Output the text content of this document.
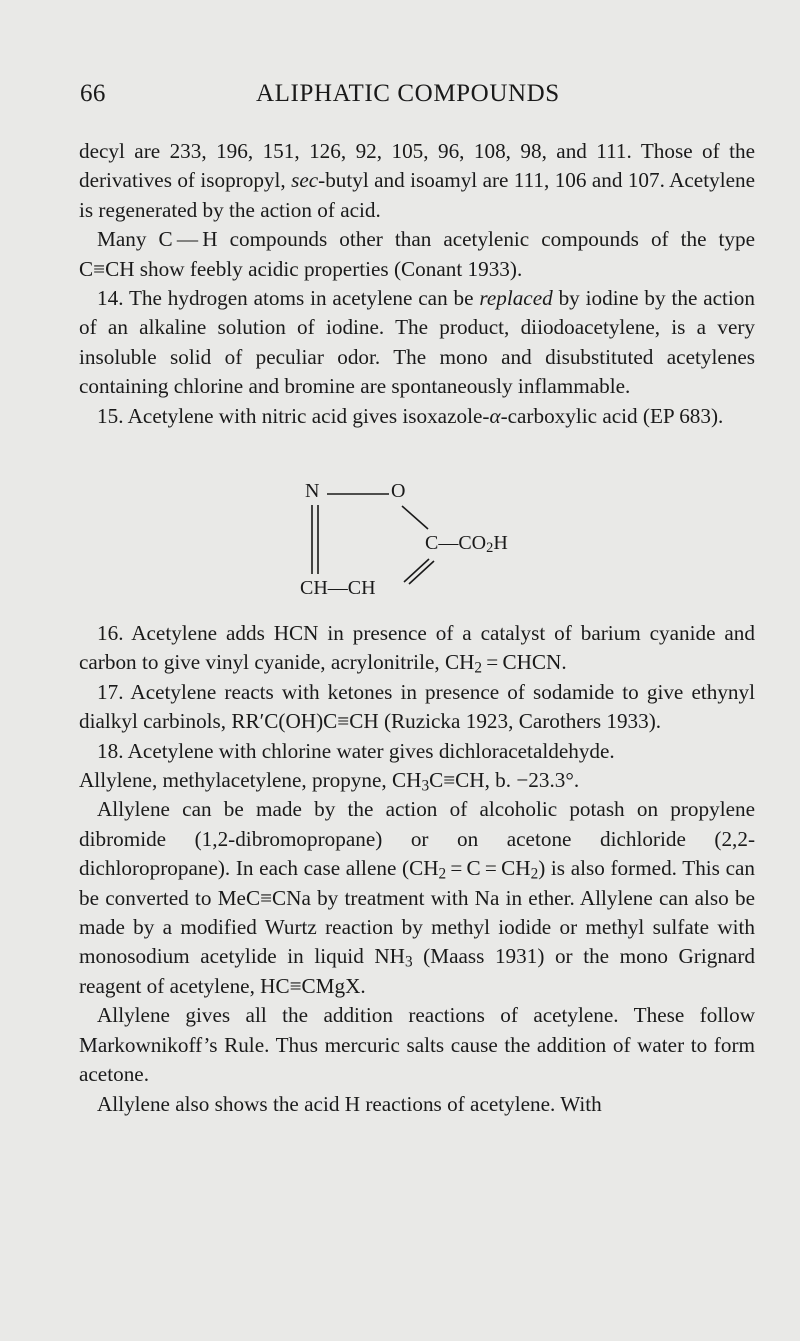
66	ALIPHATIC COMPOUNDS

decyl are 233, 196, 151, 126, 92, 105, 96, 108, 98, and 111. Those of the derivatives of isopropyl, sec-butyl and isoamyl are 111, 106 and 107. Acetylene is regenerated by the action of acid.

Many C — H compounds other than acetylenic compounds of the type C≡CH show feebly acidic properties (Conant 1933).

14. The hydrogen atoms in acetylene can be replaced by iodine by the action of an alkaline solution of iodine. The product, diiodoacetylene, is a very insoluble solid of peculiar odor. The mono and disubstituted acetylenes containing chlorine and bromine are spontaneously inflammable.

15. Acetylene with nitric acid gives isoxazole-α-carboxylic acid (EP 683).

N	O
$C—CO_2H$
CH—CH

16. Acetylene adds HCN in presence of a catalyst of barium cyanide and carbon to give vinyl cyanide, acrylonitrile, $CH_2$ = CHCN.

17. Acetylene reacts with ketones in presence of sodamide to give ethynyl dialkyl carbinols, RR′C(OH)C≡CH (Ruzicka 1923, Carothers 1933).

18. Acetylene with chlorine water gives dichloracetaldehyde.

Allylene, methylacetylene, propyne, $CH_3C\equiv CH$, b. −23.3°.

Allylene can be made by the action of alcoholic potash on propylene dibromide (1,2-dibromopropane) or on acetone dichloride (2,2-dichloropropane). In each case allene $(CH_2 = C = CH_2)$ is also formed. This can be converted to MeC≡CNa by treatment with Na in ether. Allylene can also be made by a modified Wurtz reaction by methyl iodide or methyl sulfate with monosodium acetylide in liquid $NH_3$ (Maass 1931) or the mono Grignard reagent of acetylene, HC≡CMgX.

Allylene gives all the addition reactions of acetylene. These follow Markownikoff’s Rule. Thus mercuric salts cause the addition of water to form acetone.

Allylene also shows the acid H reactions of acetylene. With
